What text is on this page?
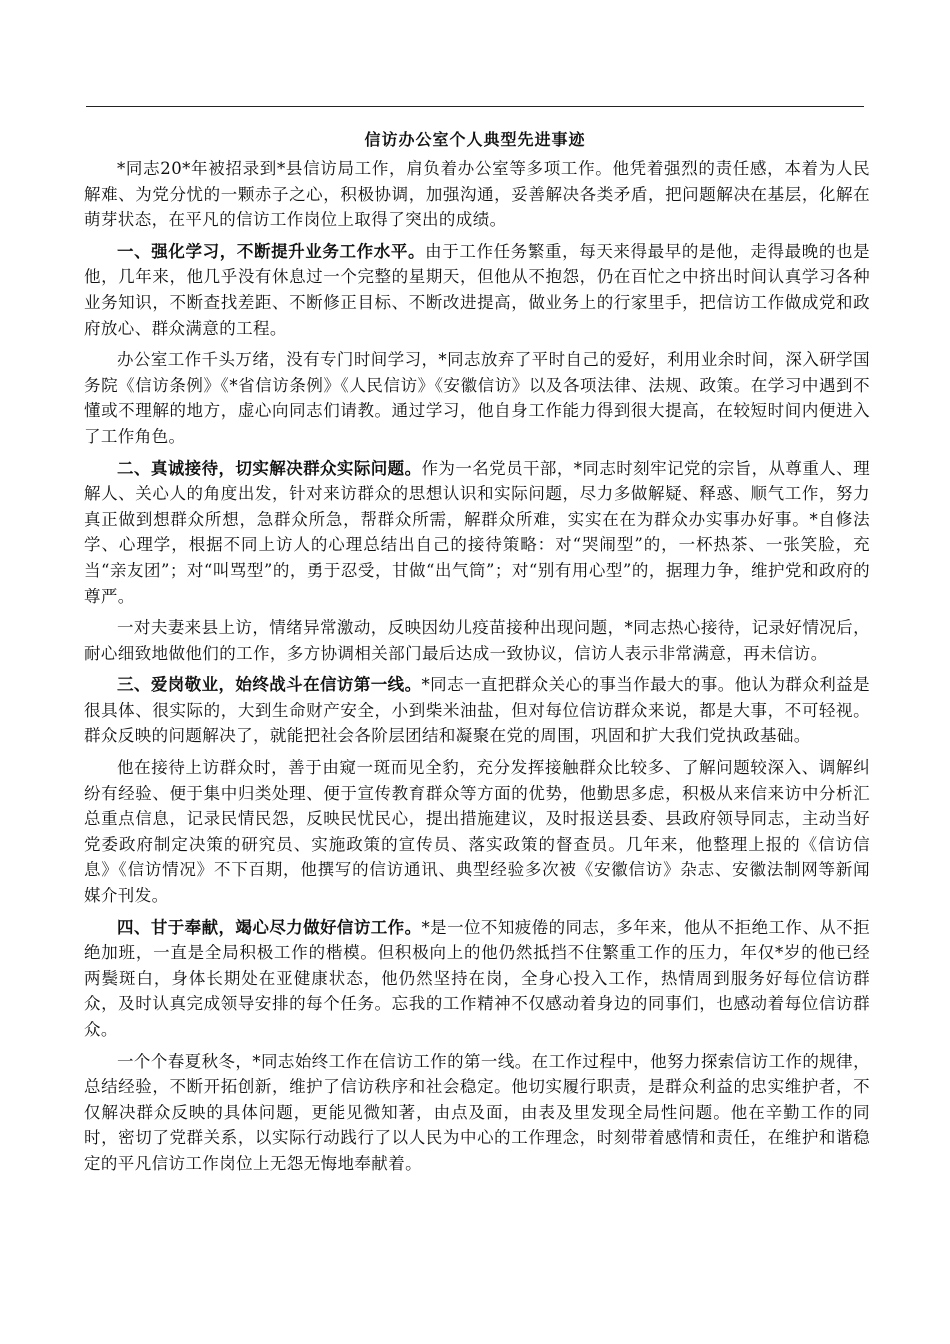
信访办公室个人典型先进事迹

*同志20*年被招录到*县信访局工作，肩负着办公室等多项工作。他凭着强烈的责任感，本着为人民解难、为党分忧的一颗赤子之心，积极协调，加强沟通，妥善解决各类矛盾，把问题解决在基层，化解在萌芽状态，在平凡的信访工作岗位上取得了突出的成绩。

一、强化学习，不断提升业务工作水平。由于工作任务繁重，每天来得最早的是他，走得最晚的也是他，几年来，他几乎没有休息过一个完整的星期天，但他从不抱怨，仍在百忙之中挤出时间认真学习各种业务知识，不断查找差距、不断修正目标、不断改进提高，做业务上的行家里手，把信访工作做成党和政府放心、群众满意的工程。

办公室工作千头万绪，没有专门时间学习，*同志放弃了平时自己的爱好，利用业余时间，深入研学国务院《信访条例》《*省信访条例》《人民信访》《安徽信访》以及各项法律、法规、政策。在学习中遇到不懂或不理解的地方，虚心向同志们请教。通过学习，他自身工作能力得到很大提高，在较短时间内便进入了工作角色。

二、真诚接待，切实解决群众实际问题。作为一名党员干部，*同志时刻牢记党的宗旨，从尊重人、理解人、关心人的角度出发，针对来访群众的思想认识和实际问题，尽力多做解疑、释惑、顺气工作，努力真正做到想群众所想，急群众所急，帮群众所需，解群众所难，实实在在为群众办实事办好事。*自修法学、心理学，根据不同上访人的心理总结出自己的接待策略：对“哭闹型”的，一杯热茶、一张笑脸，充当“亲友团”；对“叫骂型”的，勇于忍受，甘做“出气筒”；对“别有用心型”的，据理力争，维护党和政府的尊严。

一对夫妻来县上访，情绪异常激动，反映因幼儿疫苗接种出现问题，*同志热心接待，记录好情况后，耐心细致地做他们的工作，多方协调相关部门最后达成一致协议，信访人表示非常满意，再未信访。

三、爱岗敬业，始终战斗在信访第一线。*同志一直把群众关心的事当作最大的事。他认为群众利益是很具体、很实际的，大到生命财产安全，小到柴米油盐，但对每位信访群众来说，都是大事，不可轻视。群众反映的问题解决了，就能把社会各阶层团结和凝聚在党的周围，巩固和扩大我们党执政基础。

他在接待上访群众时，善于由窥一斑而见全豹，充分发挥接触群众比较多、了解问题较深入、调解纠纷有经验、便于集中归类处理、便于宣传教育群众等方面的优势，他勤思多虑，积极从来信来访中分析汇总重点信息，记录民情民怨，反映民忧民心，提出措施建议，及时报送县委、县政府领导同志，主动当好党委政府制定决策的研究员、实施政策的宣传员、落实政策的督查员。几年来，他整理上报的《信访信息》《信访情况》不下百期，他撰写的信访通讯、典型经验多次被《安徽信访》杂志、安徽法制网等新闻媒介刊发。

四、甘于奉献，竭心尽力做好信访工作。*是一位不知疲倦的同志，多年来，他从不拒绝工作、从不拒绝加班，一直是全局积极工作的楷模。但积极向上的他仍然抵挡不住繁重工作的压力，年仅*岁的他已经两鬓斑白，身体长期处在亚健康状态，他仍然坚持在岗，全身心投入工作，热情周到服务好每位信访群众，及时认真完成领导安排的每个任务。忘我的工作精神不仅感动着身边的同事们，也感动着每位信访群众。

一个个春夏秋冬，*同志始终工作在信访工作的第一线。在工作过程中，他努力探索信访工作的规律，总结经验，不断开拓创新，维护了信访秩序和社会稳定。他切实履行职责，是群众利益的忠实维护者，不仅解决群众反映的具体问题，更能见微知著，由点及面，由表及里发现全局性问题。他在辛勤工作的同时，密切了党群关系，以实际行动践行了以人民为中心的工作理念，时刻带着感情和责任，在维护和谐稳定的平凡信访工作岗位上无怨无悔地奉献着。
